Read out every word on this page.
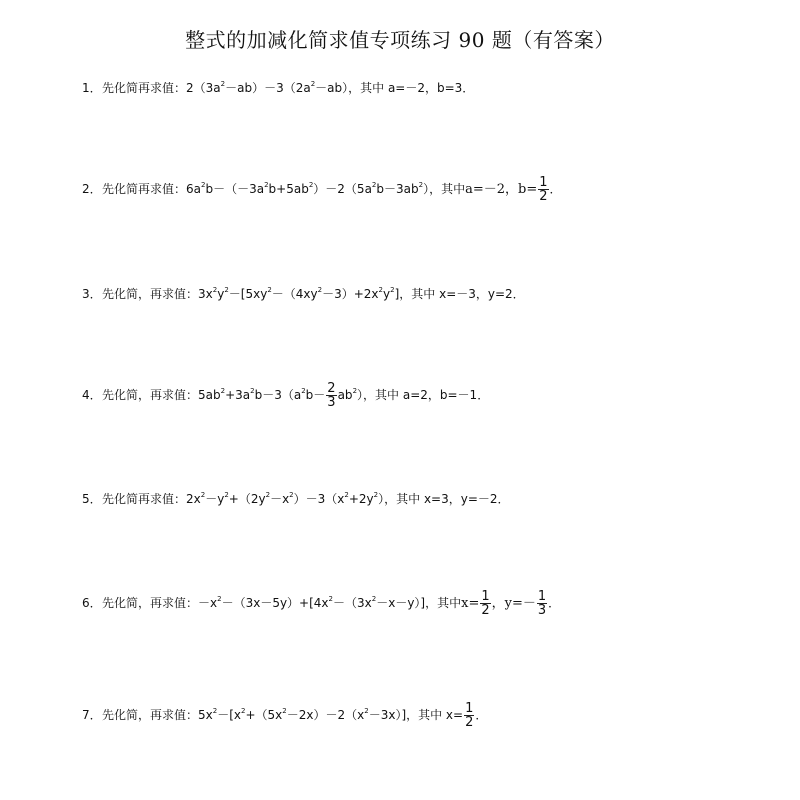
整式的加减化简求值专项练习 90 题（有答案）
1．先化简再求值：$2(3a^2-ab)-3(2a^2-ab)$，其中 a=－2，b=3．
2．先化简再求值：$6a^2b-(-3a^2b+5ab^2)-2(5a^2b-3ab^2)$，其中a=－2，$b= \frac{1}{2}$ ．
3．先化简，再求值：$3x^2y^2-[5xy^2-(4xy^2-3)+2x^2y^2]$，其中 x=－3，y=2．
4．先化简，再求值：$5ab^2+3a^2b-3(a^2b- \frac{2}{3} ab^2)$，其中 a=2，b=－1．
5．先化简再求值：$2x^2-y^2+(2y^2-x^2)-3(x^2+2y^2)$，其中 x=3，y=－2．
6．先化简，再求值：$-x^2-(3x-5y)+[4x^2-(3x^2-x-y)]$，其中$x= \frac{1}{2}$ ，$y=- \frac{1}{3}$ ．
7．先化简，再求值：$5x^2-[x^2+(5x^2-2x)-2(x^2-3x)]$，其中 $x= \frac{1}{2}$ ．
